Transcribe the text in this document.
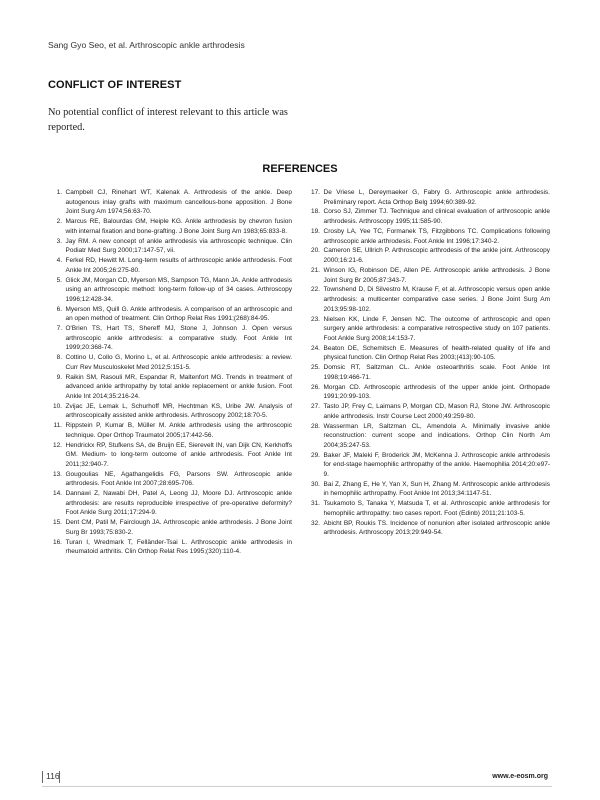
Sang Gyo Seo, et al. Arthroscopic ankle arthrodesis
CONFLICT OF INTEREST
No potential conflict of interest relevant to this article was reported.
REFERENCES
1. Campbell CJ, Rinehart WT, Kalenak A. Arthrodesis of the ankle. Deep autogenous inlay grafts with maximum cancellous-bone apposition. J Bone Joint Surg Am 1974;56:63-70.
2. Marcus RE, Balourdas GM, Heiple KG. Ankle arthrodesis by chevron fusion with internal fixation and bone-grafting. J Bone Joint Surg Am 1983;65:833-8.
3. Jay RM. A new concept of ankle arthrodesis via arthroscopic technique. Clin Podiatr Med Surg 2000;17:147-57, vii.
4. Ferkel RD, Hewitt M. Long-term results of arthroscopic ankle arthrodesis. Foot Ankle Int 2005;26:275-80.
5. Glick JM, Morgan CD, Myerson MS, Sampson TG, Mann JA. Ankle arthrodesis using an arthroscopic method: long-term follow-up of 34 cases. Arthroscopy 1996;12:428-34.
6. Myerson MS, Quill G. Ankle arthrodesis. A comparison of an arthroscopic and an open method of treatment. Clin Orthop Relat Res 1991;(268):84-95.
7. O'Brien TS, Hart TS, Shereff MJ, Stone J, Johnson J. Open versus arthroscopic ankle arthrodesis: a comparative study. Foot Ankle Int 1999;20:368-74.
8. Cottino U, Collo G, Morino L, et al. Arthroscopic ankle arthrodesis: a review. Curr Rev Musculoskelet Med 2012;5:151-5.
9. Raikin SM, Rasouli MR, Espandar R, Maltenfort MG. Trends in treatment of advanced ankle arthropathy by total ankle replacement or ankle fusion. Foot Ankle Int 2014;35:216-24.
10. Zvijac JE, Lemak L, Schurhoff MR, Hechtman KS, Uribe JW. Analysis of arthroscopically assisted ankle arthrodesis. Arthroscopy 2002;18:70-5.
11. Rippstein P, Kumar B, Müller M. Ankle arthrodesis using the arthroscopic technique. Oper Orthop Traumatol 2005;17:442-56.
12. Hendrickx RP, Stufkens SA, de Bruijn EE, Sierevelt IN, van Dijk CN, Kerkhoffs GM. Medium- to long-term outcome of ankle arthrodesis. Foot Ankle Int 2011;32:940-7.
13. Gougoulias NE, Agathangelidis FG, Parsons SW. Arthroscopic ankle arthrodesis. Foot Ankle Int 2007;28:695-706.
14. Dannawi Z, Nawabi DH, Patel A, Leong JJ, Moore DJ. Arthroscopic ankle arthrodesis: are results reproducible irrespective of pre-operative deformity? Foot Ankle Surg 2011;17:294-9.
15. Dent CM, Patil M, Fairclough JA. Arthroscopic ankle arthrodesis. J Bone Joint Surg Br 1993;75:830-2.
16. Turan I, Wredmark T, Felländer-Tsai L. Arthroscopic ankle arthrodesis in rheumatoid arthritis. Clin Orthop Relat Res 1995;(320):110-4.
17. De Vriese L, Dereymaeker G, Fabry G. Arthroscopic ankle arthrodesis. Preliminary report. Acta Orthop Belg 1994;60:389-92.
18. Corso SJ, Zimmer TJ. Technique and clinical evaluation of arthroscopic ankle arthrodesis. Arthroscopy 1995;11:585-90.
19. Crosby LA, Yee TC, Formanek TS, Fitzgibbons TC. Complications following arthroscopic ankle arthrodesis. Foot Ankle Int 1996;17:340-2.
20. Cameron SE, Ullrich P. Arthroscopic arthrodesis of the ankle joint. Arthroscopy 2000;16:21-6.
21. Winson IG, Robinson DE, Allen PE. Arthroscopic ankle arthrodesis. J Bone Joint Surg Br 2005;87:343-7.
22. Townshend D, Di Silvestro M, Krause F, et al. Arthroscopic versus open ankle arthrodesis: a multicenter comparative case series. J Bone Joint Surg Am 2013;95:98-102.
23. Nielsen KK, Linde F, Jensen NC. The outcome of arthroscopic and open surgery ankle arthrodesis: a comparative retrospective study on 107 patients. Foot Ankle Surg 2008;14:153-7.
24. Beaton DE, Schemitsch E. Measures of health-related quality of life and physical function. Clin Orthop Relat Res 2003;(413):90-105.
25. Domsic RT, Saltzman CL. Ankle osteoarthritis scale. Foot Ankle Int 1998;19:466-71.
26. Morgan CD. Arthroscopic arthrodesis of the upper ankle joint. Orthopade 1991;20:99-103.
27. Tasto JP, Frey C, Laimans P, Morgan CD, Mason RJ, Stone JW. Arthroscopic ankle arthrodesis. Instr Course Lect 2000;49:259-80.
28. Wasserman LR, Saltzman CL, Amendola A. Minimally invasive ankle reconstruction: current scope and indications. Orthop Clin North Am 2004;35:247-53.
29. Baker JF, Maleki F, Broderick JM, McKenna J. Arthroscopic ankle arthrodesis for end-stage haemophilic arthropathy of the ankle. Haemophilia 2014;20:e97-9.
30. Bai Z, Zhang E, He Y, Yan X, Sun H, Zhang M. Arthroscopic ankle arthrodesis in hemophilic arthropathy. Foot Ankle Int 2013;34:1147-51.
31. Tsukamoto S, Tanaka Y, Matsuda T, et al. Arthroscopic ankle arthrodesis for hemophilic arthropathy: two cases report. Foot (Edinb) 2011;21:103-5.
32. Abicht BP, Roukis TS. Incidence of nonunion after isolated arthroscopic ankle arthrodesis. Arthroscopy 2013;29:949-54.
116	www.e-eosm.org
